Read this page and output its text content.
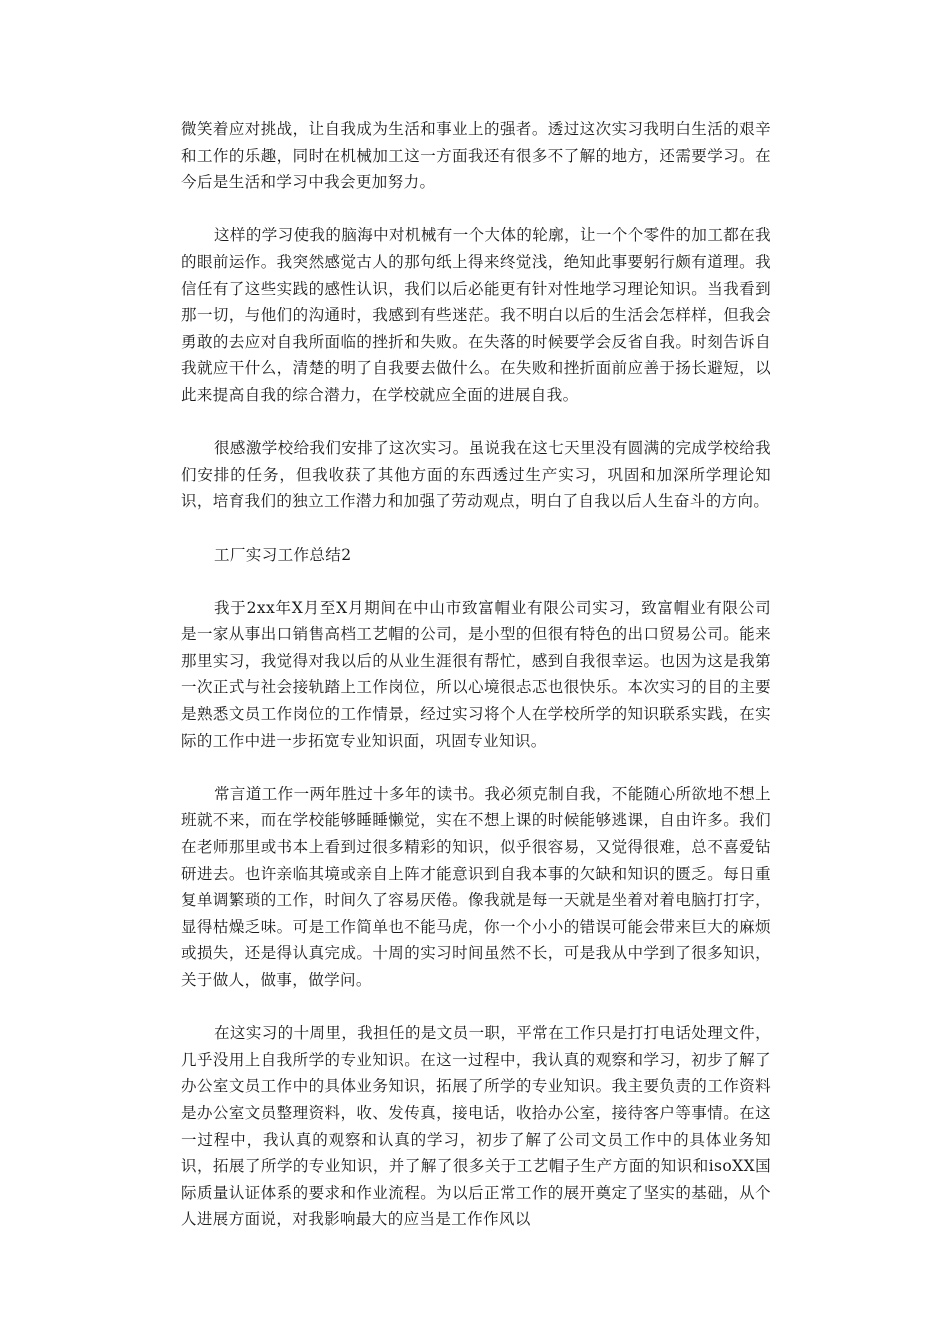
微笑着应对挑战，让自我成为生活和事业上的强者。透过这次实习我明白生活的艰辛和工作的乐趣，同时在机械加工这一方面我还有很多不了解的地方，还需要学习。在今后是生活和学习中我会更加努力。

这样的学习使我的脑海中对机械有一个大体的轮廓，让一个个零件的加工都在我的眼前运作。我突然感觉古人的那句纸上得来终觉浅，绝知此事要躬行颇有道理。我信任有了这些实践的感性认识，我们以后必能更有针对性地学习理论知识。当我看到那一切，与他们的沟通时，我感到有些迷茫。我不明白以后的生活会怎样样，但我会勇敢的去应对自我所面临的挫折和失败。在失落的时候要学会反省自我。时刻告诉自我就应干什么，清楚的明了自我要去做什么。在失败和挫折面前应善于扬长避短，以此来提高自我的综合潜力，在学校就应全面的进展自我。

很感激学校给我们安排了这次实习。虽说我在这七天里没有圆满的完成学校给我们安排的任务，但我收获了其他方面的东西透过生产实习，巩固和加深所学理论知识，培育我们的独立工作潜力和加强了劳动观点，明白了自我以后人生奋斗的方向。

工厂实习工作总结2

我于2xx年X月至X月期间在中山市致富帽业有限公司实习，致富帽业有限公司是一家从事出口销售高档工艺帽的公司，是小型的但很有特色的出口贸易公司。能来那里实习，我觉得对我以后的从业生涯很有帮忙，感到自我很幸运。也因为这是我第一次正式与社会接轨踏上工作岗位，所以心境很忐忑也很快乐。本次实习的目的主要是熟悉文员工作岗位的工作情景，经过实习将个人在学校所学的知识联系实践，在实际的工作中进一步拓宽专业知识面，巩固专业知识。

常言道工作一两年胜过十多年的读书。我必须克制自我，不能随心所欲地不想上班就不来，而在学校能够睡睡懒觉，实在不想上课的时候能够逃课，自由许多。我们在老师那里或书本上看到过很多精彩的知识，似乎很容易，又觉得很难，总不喜爱钻研进去。也许亲临其境或亲自上阵才能意识到自我本事的欠缺和知识的匮乏。每日重复单调繁琐的工作，时间久了容易厌倦。像我就是每一天就是坐着对着电脑打打字，显得枯燥乏味。可是工作简单也不能马虎，你一个小小的错误可能会带来巨大的麻烦或损失，还是得认真完成。十周的实习时间虽然不长，可是我从中学到了很多知识，关于做人，做事，做学问。

在这实习的十周里，我担任的是文员一职，平常在工作只是打打电话处理文件，几乎没用上自我所学的专业知识。在这一过程中，我认真的观察和学习，初步了解了办公室文员工作中的具体业务知识，拓展了所学的专业知识。我主要负责的工作资料是办公室文员整理资料，收、发传真，接电话，收拾办公室，接待客户等事情。在这一过程中，我认真的观察和认真的学习，初步了解了公司文员工作中的具体业务知识，拓展了所学的专业知识，并了解了很多关于工艺帽子生产方面的知识和isoXX国际质量认证体系的要求和作业流程。为以后正常工作的展开奠定了坚实的基础，从个人进展方面说，对我影响最大的应当是工作作风以
